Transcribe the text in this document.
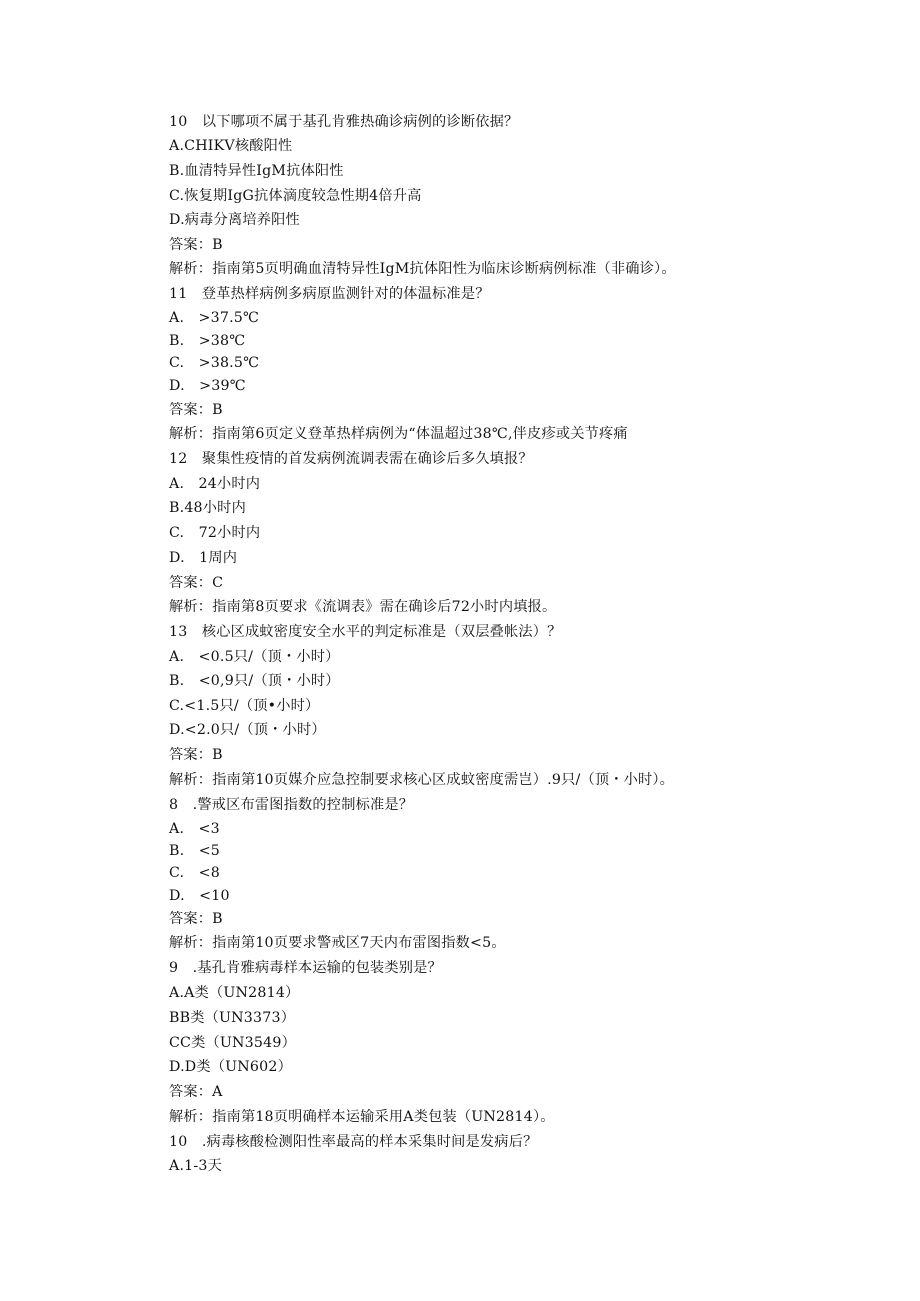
10　以下哪项不属于基孔肯雅热确诊病例的诊断依据？
A.CHIKV核酸阳性
B.血清特异性IgM抗体阳性
C.恢复期IgG抗体滴度较急性期4倍升高
D.病毒分离培养阳性
答案：B
解析：指南第5页明确血清特异性IgM抗体阳性为临床诊断病例标准（非确诊）。
11　登革热样病例多病原监测针对的体温标准是？
A.　>37.5℃
B.　>38℃
C.　>38.5℃
D.　>39℃
答案：B
解析：指南第6页定义登革热样病例为“体温超过38℃,伴皮疹或关节疼痛
12　聚集性疫情的首发病例流调表需在确诊后多久填报？
A.　24小时内
B.48小时内
C.　72小时内
D.　1周内
答案：C
解析：指南第8页要求《流调表》需在确诊后72小时内填报。
13　核心区成蚊密度安全水平的判定标准是（双层叠帐法）？
A.　<0.5只/（顶・小时）
B.　<0,9只/（顶・小时）
C.<1.5只/（顶•小时）
D.<2.0只/（顶・小时）
答案：B
解析：指南第10页媒介应急控制要求核心区成蚊密度需岂）.9只/（顶・小时）。
8　.警戒区布雷图指数的控制标准是？
A.　<3
B.　<5
C.　<8
D.　<10
答案：B
解析：指南第10页要求警戒区7天内布雷图指数<5。
9　.基孔肯雅病毒样本运输的包装类别是？
A.A类（UN2814）
BB类（UN3373）
CC类（UN3549）
D.D类（UN602）
答案：A
解析：指南第18页明确样本运输采用A类包装（UN2814）。
10　.病毒核酸检测阳性率最高的样本采集时间是发病后？
A.1-3天
